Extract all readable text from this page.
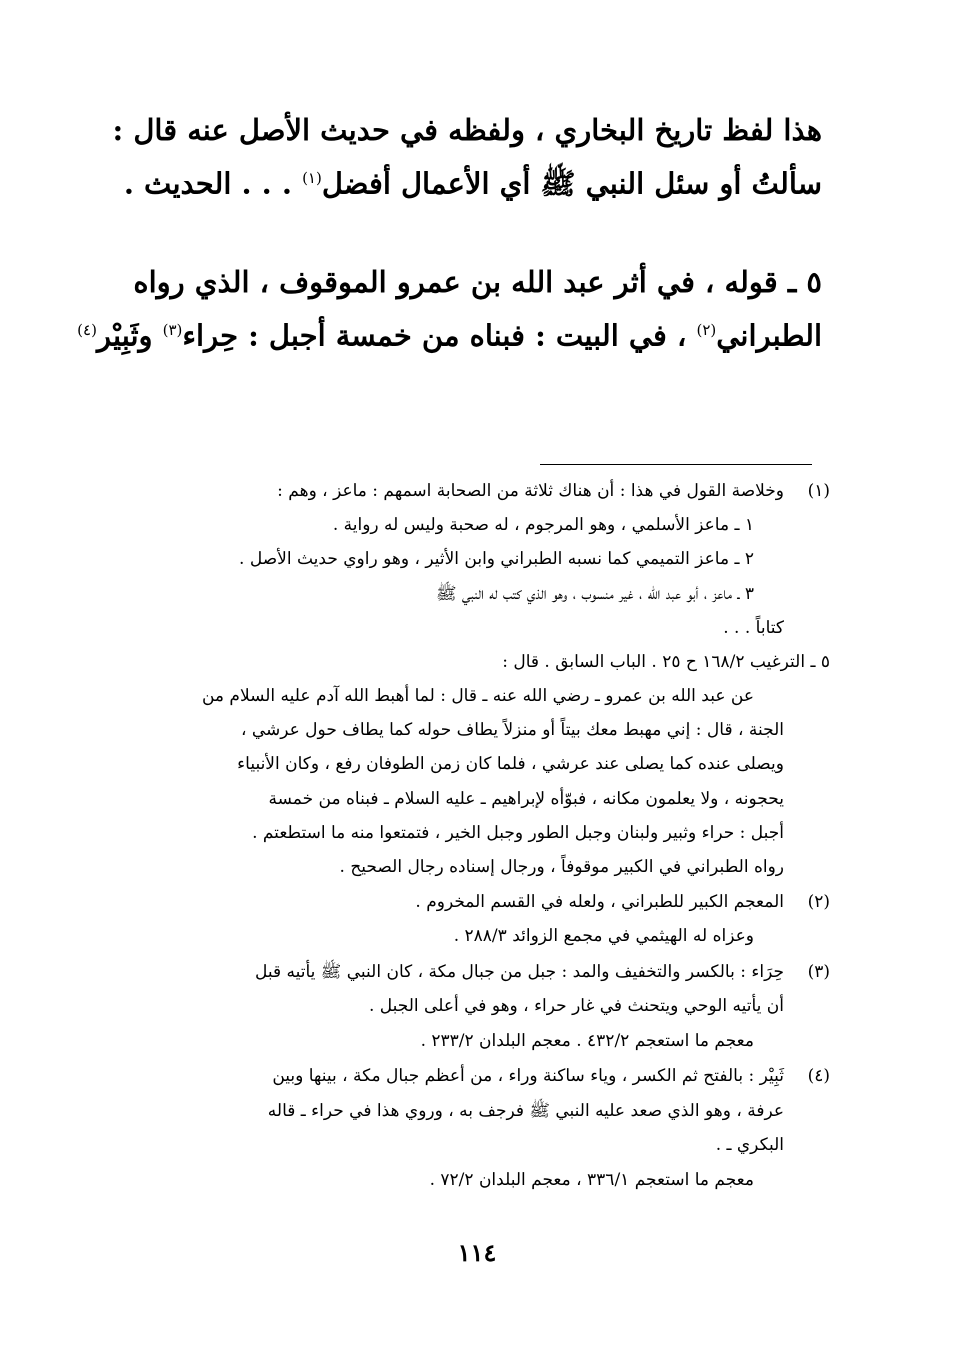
هذا لفظ تاريخ البخاري ، ولفظه في حديث الأصل عنه قال :
سألتُ أو سئل النبي ﷺ أي الأعمال أفضل$^{(١)}$ . . . الحديث .
٥ ـ قوله ، في أثر عبد الله بن عمرو الموقوف ، الذي رواه
الطبراني$^{(٢)}$ ، في البيت : فبناه من خمسة أجبل : حِراء$^{(٣)}$ وثَبِيْر$^{(٤)}$
(١)
وخلاصة القول في هذا : أن هناك ثلاثة من الصحابة اسمهم : ماعز ، وهم :
١ ـ ماعز الأسلمي ، وهو المرجوم ، له صحبة وليس له رواية .
٢ ـ ماعز التميمي كما نسبه الطبراني وابن الأثير ، وهو راوي حديث الأصل .
٣ ـ ماعز ، أبو عبد الله ، غير منسوب ، وهو الذي كتب له النبي ﷺ
كتاباً . . .
٥ ـ الترغيب ١٦٨/٢ ح ٢٥ . الباب السابق . قال :
عن عبد الله بن عمرو ـ رضي الله عنه ـ قال : لما أهبط الله آدم عليه السلام من
الجنة ، قال : إني مهبط معك بيتاً أو منزلاً يطاف حوله كما يطاف حول عرشي ،
ويصلى عنده كما يصلى عند عرشي ، فلما كان زمن الطوفان رفع ، وكان الأنبياء
يحجونه ، ولا يعلمون مكانه ، فبوّأه لإبراهيم ـ عليه السلام ـ فبناه من خمسة
أجبل : حراء وثبير ولبنان وجبل الطور وجبل الخير ، فتمتعوا منه ما استطعتم .
رواه الطبراني في الكبير موقوفاً ، ورجال إسناده رجال الصحيح .
(٢)
المعجم الكبير للطبراني ، ولعله في القسم المخروم .
وعزاه له الهيثمي في مجمع الزوائد ٢٨٨/٣ .
(٣)
حِرَاء : بالكسر والتخفيف والمد : جبل من جبال مكة ، كان النبي ﷺ يأتيه قبل
أن يأتيه الوحي ويتحنث في غار حراء ، وهو في أعلى الجبل .
معجم ما استعجم ٤٣٢/٢ . معجم البلدان ٢٣٣/٢ .
(٤)
ثَبِيْر : بالفتح ثم الكسر ، وياء ساكنة وراء ، من أعظم جبال مكة ، بينها وبين
عرفة ، وهو الذي صعد عليه النبي ﷺ فرجف به ، وروي هذا في حراء ـ قاله
البكري ـ .
معجم ما استعجم ٣٣٦/١ ، معجم البلدان ٧٢/٢ .
١١٤
